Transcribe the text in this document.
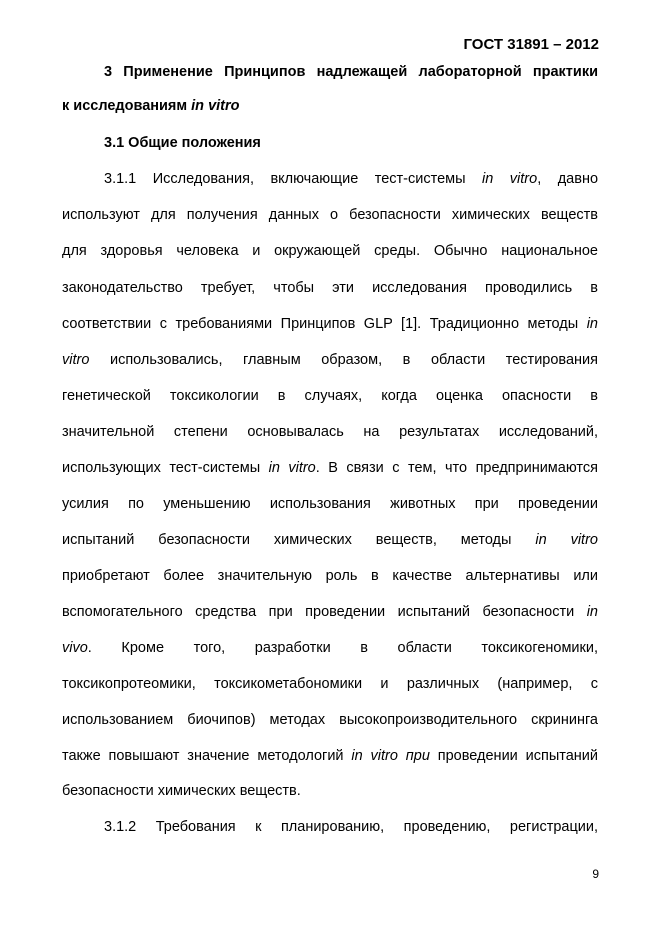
ГОСТ 31891 – 2012
3 Применение Принципов надлежащей лабораторной практики
к исследованиям in vitro
3.1 Общие положения
3.1.1 Исследования, включающие тест-системы in vitro, давно
используют для получения данных о безопасности химических веществ
для здоровья человека и окружающей среды. Обычно национальное
законодательство требует, чтобы эти исследования проводились в
соответствии с требованиями Принципов GLP [1]. Традиционно методы in
vitro использовались, главным образом, в области тестирования
генетической токсикологии в случаях, когда оценка опасности в
значительной степени основывалась на результатах исследований,
использующих тест-системы in vitro. В связи с тем, что предпринимаются
усилия по уменьшению использования животных при проведении
испытаний безопасности химических веществ, методы in vitro
приобретают более значительную роль в качестве альтернативы или
вспомогательного средства при проведении испытаний безопасности in
vivo. Кроме того, разработки в области токсикогеномики,
токсикопротеомики, токсикометабономики и различных (например, с
использованием биочипов) методах высокопроизводительного скрининга
также повышают значение методологий in vitro при проведении испытаний
безопасности химических веществ.
3.1.2 Требования к планированию, проведению, регистрации,
9
